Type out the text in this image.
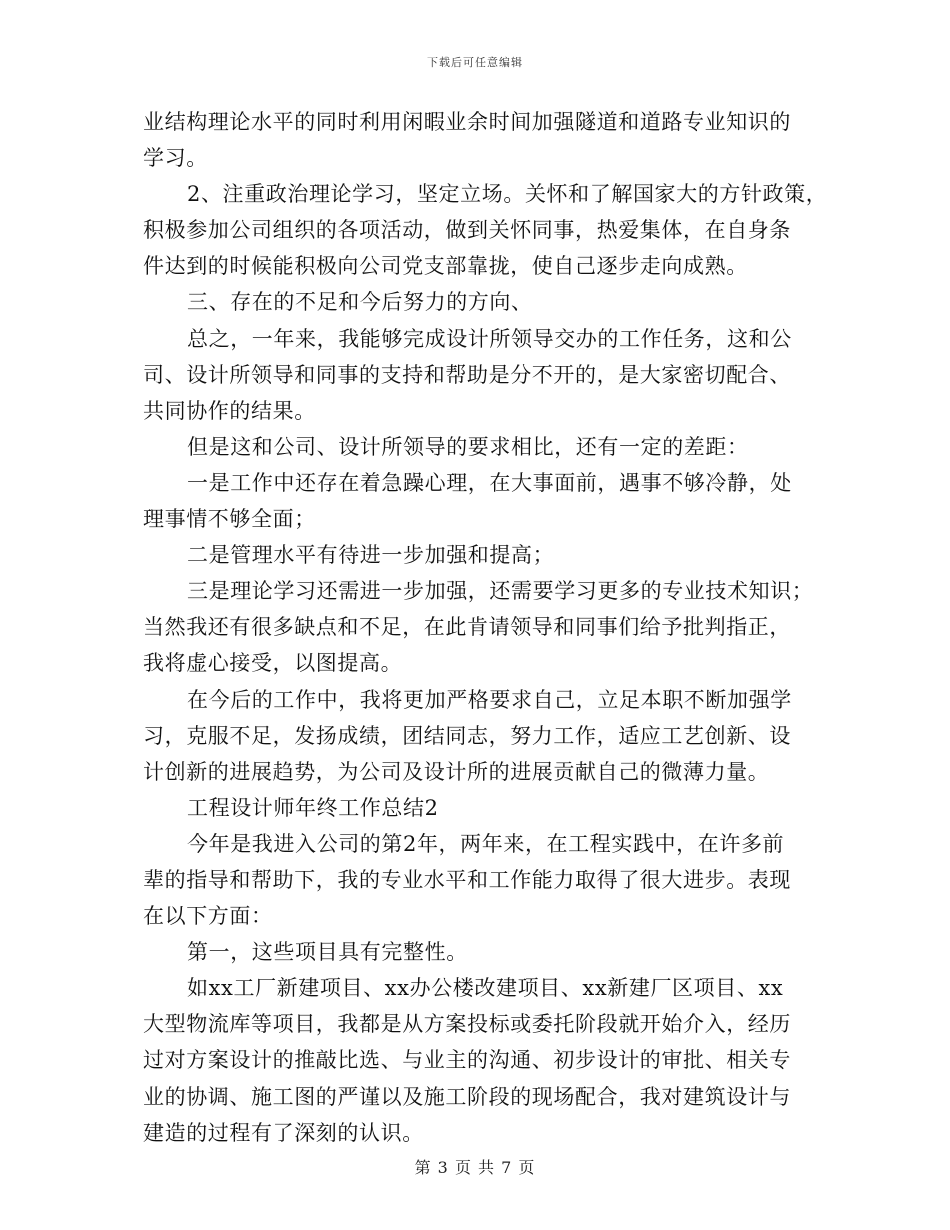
下载后可任意编辑
业结构理论水平的同时利用闲暇业余时间加强隧道和道路专业知识的
学习。
2、注重政治理论学习，坚定立场。关怀和了解国家大的方针政策，
积极参加公司组织的各项活动，做到关怀同事，热爱集体，在自身条
件达到的时候能积极向公司党支部靠拢，使自己逐步走向成熟。
三、存在的不足和今后努力的方向、
总之，一年来，我能够完成设计所领导交办的工作任务，这和公
司、设计所领导和同事的支持和帮助是分不开的，是大家密切配合、
共同协作的结果。
但是这和公司、设计所领导的要求相比，还有一定的差距：
一是工作中还存在着急躁心理，在大事面前，遇事不够冷静，处
理事情不够全面；
二是管理水平有待进一步加强和提高；
三是理论学习还需进一步加强，还需要学习更多的专业技术知识；
当然我还有很多缺点和不足，在此肯请领导和同事们给予批判指正，
我将虚心接受，以图提高。
在今后的工作中，我将更加严格要求自己，立足本职不断加强学
习，克服不足，发扬成绩，团结同志，努力工作，适应工艺创新、设
计创新的进展趋势，为公司及设计所的进展贡献自己的微薄力量。
工程设计师年终工作总结2
今年是我进入公司的第2年，两年来，在工程实践中，在许多前
辈的指导和帮助下，我的专业水平和工作能力取得了很大进步。表现
在以下方面：
第一，这些项目具有完整性。
如xx工厂新建项目、xx办公楼改建项目、xx新建厂区项目、xx
大型物流库等项目，我都是从方案投标或委托阶段就开始介入，经历
过对方案设计的推敲比选、与业主的沟通、初步设计的审批、相关专
业的协调、施工图的严谨以及施工阶段的现场配合，我对建筑设计与
建造的过程有了深刻的认识。
第 3 页 共 7 页
